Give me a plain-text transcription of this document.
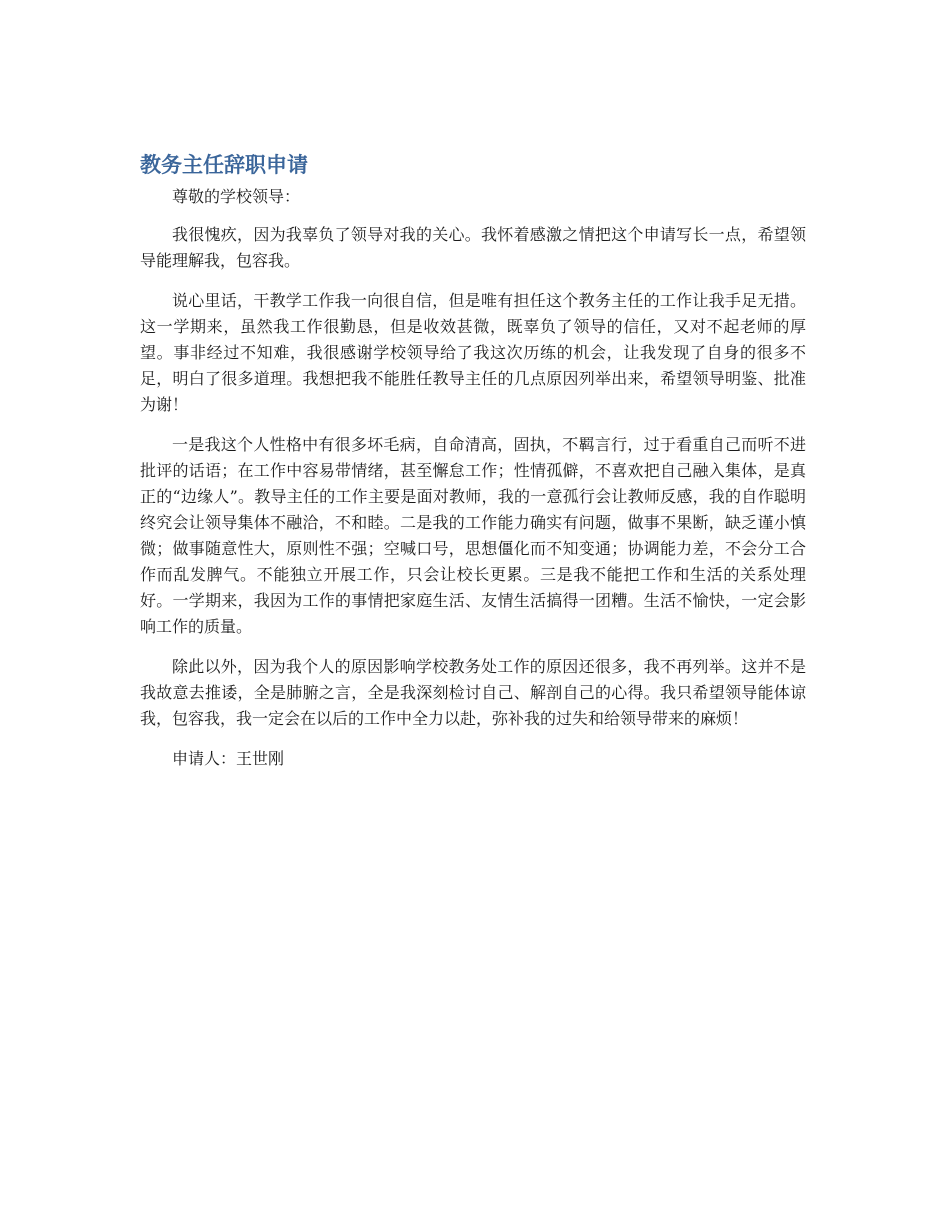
教务主任辞职申请

尊敬的学校领导：

我很愧疚，因为我辜负了领导对我的关心。我怀着感激之情把这个申请写长一点，希望领导能理解我，包容我。

说心里话，干教学工作我一向很自信，但是唯有担任这个教务主任的工作让我手足无措。这一学期来，虽然我工作很勤恳，但是收效甚微，既辜负了领导的信任，又对不起老师的厚望。事非经过不知难，我很感谢学校领导给了我这次历练的机会，让我发现了自身的很多不足，明白了很多道理。我想把我不能胜任教导主任的几点原因列举出来，希望领导明鉴、批准为谢！

一是我这个人性格中有很多坏毛病，自命清高，固执，不羁言行，过于看重自己而听不进批评的话语；在工作中容易带情绪，甚至懈怠工作；性情孤僻，不喜欢把自己融入集体，是真正的“边缘人”。教导主任的工作主要是面对教师，我的一意孤行会让教师反感，我的自作聪明终究会让领导集体不融洽，不和睦。二是我的工作能力确实有问题，做事不果断，缺乏谨小慎微；做事随意性大，原则性不强；空喊口号，思想僵化而不知变通；协调能力差，不会分工合作而乱发脾气。不能独立开展工作，只会让校长更累。三是我不能把工作和生活的关系处理好。一学期来，我因为工作的事情把家庭生活、友情生活搞得一团糟。生活不愉快，一定会影响工作的质量。

除此以外，因为我个人的原因影响学校教务处工作的原因还很多，我不再列举。这并不是我故意去推诿，全是肺腑之言，全是我深刻检讨自己、解剖自己的心得。我只希望领导能体谅我，包容我，我一定会在以后的工作中全力以赴，弥补我的过失和给领导带来的麻烦！

申请人：王世刚
